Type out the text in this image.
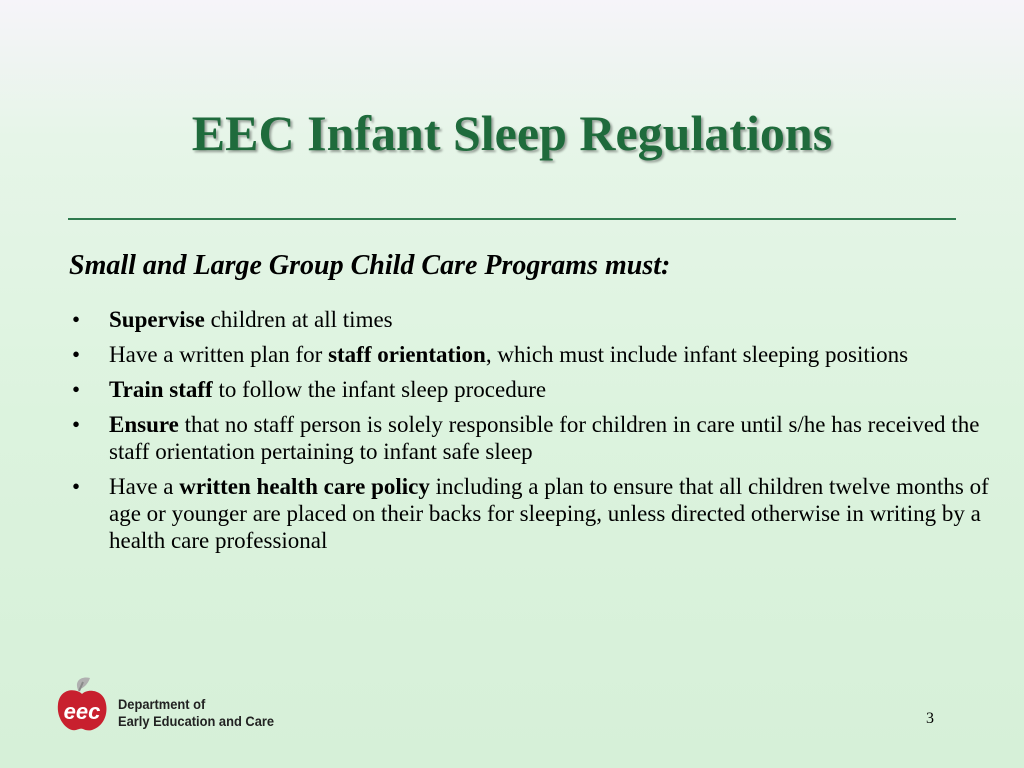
EEC Infant Sleep Regulations

Small and Large Group Child Care Programs must:

• Supervise children at all times
• Have a written plan for staff orientation, which must include infant sleeping positions
• Train staff to follow the infant sleep procedure
• Ensure that no staff person is solely responsible for children in care until s/he has received the staff orientation pertaining to infant safe sleep
• Have a written health care policy including a plan to ensure that all children twelve months of age or younger are placed on their backs for sleeping, unless directed otherwise in writing by a health care professional
eec Department of
Early Education and Care	3
